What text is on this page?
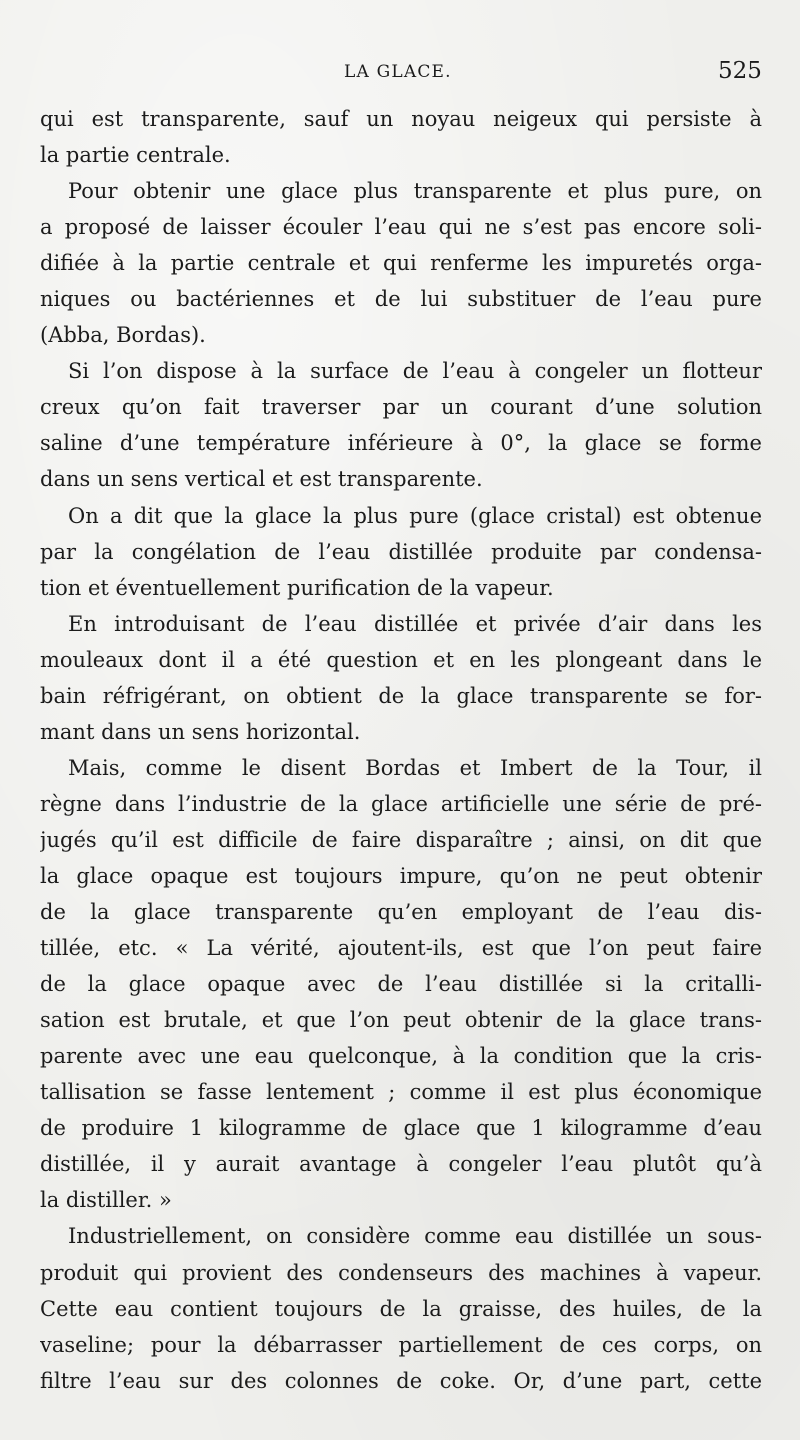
LA GLACE.	525
qui est transparente, sauf un noyau neigeux qui persiste à
la partie centrale.
Pour obtenir une glace plus transparente et plus pure, on
a proposé de laisser écouler l’eau qui ne s’est pas encore soli-
difiée à la partie centrale et qui renferme les impuretés orga-
niques ou bactériennes et de lui substituer de l’eau pure
(Abba, Bordas).
Si l’on dispose à la surface de l’eau à congeler un flotteur
creux qu’on fait traverser par un courant d’une solution
saline d’une température inférieure à 0°, la glace se forme
dans un sens vertical et est transparente.
On a dit que la glace la plus pure (glace cristal) est obtenue
par la congélation de l’eau distillée produite par condensa-
tion et éventuellement purification de la vapeur.
En introduisant de l’eau distillée et privée d’air dans les
mouleaux dont il a été question et en les plongeant dans le
bain réfrigérant, on obtient de la glace transparente se for-
mant dans un sens horizontal.
Mais, comme le disent Bordas et Imbert de la Tour, il
règne dans l’industrie de la glace artificielle une série de pré-
jugés qu’il est difficile de faire disparaître ; ainsi, on dit que
la glace opaque est toujours impure, qu’on ne peut obtenir
de la glace transparente qu’en employant de l’eau dis-
tillée, etc. « La vérité, ajoutent-ils, est que l’on peut faire
de la glace opaque avec de l’eau distillée si la critalli-
sation est brutale, et que l’on peut obtenir de la glace trans-
parente avec une eau quelconque, à la condition que la cris-
tallisation se fasse lentement ; comme il est plus économique
de produire 1 kilogramme de glace que 1 kilogramme d’eau
distillée, il y aurait avantage à congeler l’eau plutôt qu’à
la distiller. »
Industriellement, on considère comme eau distillée un sous-
produit qui provient des condenseurs des machines à vapeur.
Cette eau contient toujours de la graisse, des huiles, de la
vaseline; pour la débarrasser partiellement de ces corps, on
filtre l’eau sur des colonnes de coke. Or, d’une part, cette
